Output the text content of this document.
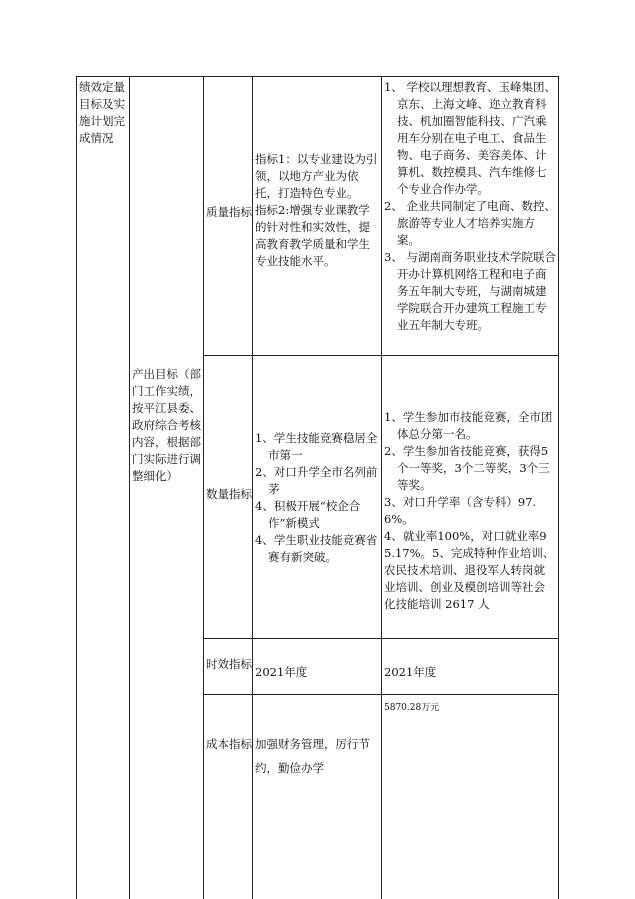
绩效定量目标及实施计划完成情况
产出目标（部门工作实绩，按平江县委、政府综合考核内容，根据部门实际进行调整细化）
质量指标

指标1：以专业建设为引领，以地方产业为依托，打造特色专业。

指标2:增强专业课教学的针对性和实效性，提高教育教学质量和学生专业技能水平。

1、 学校以理想教育、玉峰集团、京东、上海文峰、迩立教育科技、机加圈智能科技、广汽乘用车分别在电子电工、食品生物、电子商务、美容美体、计算机、数控模具、汽车维修七个专业合作办学。

2、 企业共同制定了电商、数控、旅游等专业人才培养实施方案。

3、 与湖南商务职业技术学院联合开办计算机网络工程和电子商务五年制大专班，与湖南城建学院联合开办建筑工程施工专业五年制大专班。

数量指标

1、学生技能竞赛稳居全市第一

2、对口升学全市名列前茅

4、积极开展“校企合作”新模式

4、学生职业技能竞赛省赛有新突破。

1、学生参加市技能竞赛，全市团体总分第一名。

2、学生参加省技能竞赛，获得5个一等奖，3个二等奖，3个三等奖。

3、对口升学率（含专科）97.6%。

4、就业率100%，对口就业率95.17%。5、完成特种作业培训、农民技术培训、退役军人转岗就业培训、创业及模创培训等社会化技能培训 2617 人

时效指标
2021年度	2021年度
成本指标 加强财务管理，厉行节约，勤俭办学
5870.28万元
